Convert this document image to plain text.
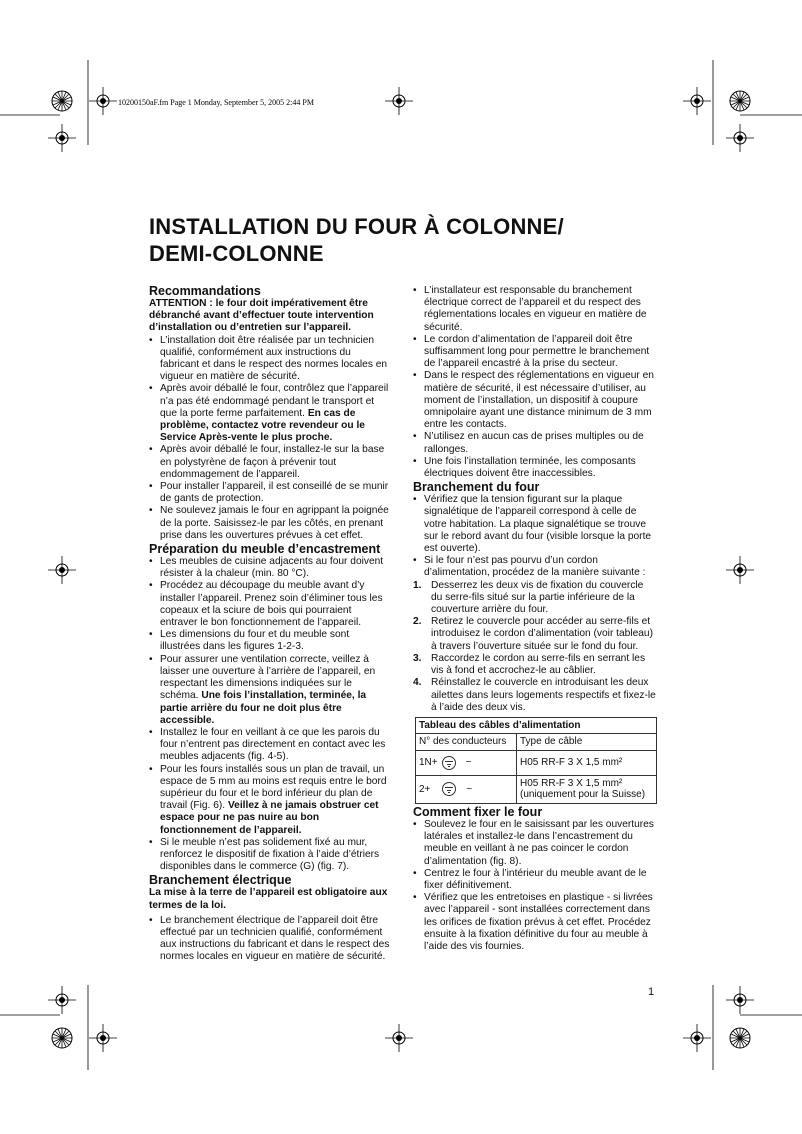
10200150aF.fm Page 1 Monday, September 5, 2005 2:44 PM
INSTALLATION DU FOUR À COLONNE/
DEMI-COLONNE
Recommandations

ATTENTION : le four doit impérativement être débranché avant d’effectuer toute intervention d’installation ou d’entretien sur l’appareil.

• L’installation doit être réalisée par un technicien qualifié, conformément aux instructions du fabricant et dans le respect des normes locales en vigueur en matière de sécurité.
• Après avoir déballé le four, contrôlez que l’appareil n’a pas été endommagé pendant le transport et que la porte ferme parfaitement. En cas de problème, contactez votre revendeur ou le Service Après-vente le plus proche.
• Après avoir déballé le four, installez-le sur la base en polystyrène de façon à prévenir tout endommagement de l’appareil.
• Pour installer l’appareil, il est conseillé de se munir de gants de protection.
• Ne soulevez jamais le four en agrippant la poignée de la porte. Saisissez-le par les côtés, en prenant prise dans les ouvertures prévues à cet effet.
Préparation du meuble d’encastrement
• Les meubles de cuisine adjacents au four doivent résister à la chaleur (min. 80 °C).
• Procédez au découpage du meuble avant d’y installer l’appareil. Prenez soin d’éliminer tous les copeaux et la sciure de bois qui pourraient entraver le bon fonctionnement de l’appareil.
• Les dimensions du four et du meuble sont illustrées dans les figures 1-2-3.
• Pour assurer une ventilation correcte, veillez à laisser une ouverture à l’arrière de l’appareil, en respectant les dimensions indiquées sur le schéma. Une fois l’installation, terminée, la partie arrière du four ne doit plus être accessible.
• Installez le four en veillant à ce que les parois du four n’entrent pas directement en contact avec les meubles adjacents (fig. 4-5).
• Pour les fours installés sous un plan de travail, un espace de 5 mm au moins est requis entre le bord supérieur du four et le bord inférieur du plan de travail (Fig. 6). Veillez à ne jamais obstruer cet espace pour ne pas nuire au bon fonctionnement de l’appareil.
• Si le meuble n’est pas solidement fixé au mur, renforcez le dispositif de fixation à l’aide d’étriers disponibles dans le commerce (G) (fig. 7).
Branchement électrique

La mise à la terre de l’appareil est obligatoire aux termes de la loi.

• Le branchement électrique de l’appareil doit être effectué par un technicien qualifié, conformément aux instructions du fabricant et dans le respect des normes locales en vigueur en matière de sécurité.
• L’installateur est responsable du branchement électrique correct de l’appareil et du respect des réglementations locales en vigueur en matière de sécurité.
• Le cordon d’alimentation de l’appareil doit être suffisamment long pour permettre le branchement de l’appareil encastré à la prise du secteur.
• Dans le respect des réglementations en vigueur en matière de sécurité, il est nécessaire d’utiliser, au moment de l’installation, un dispositif à coupure omnipolaire ayant une distance minimum de 3 mm entre les contacts.
• N’utilisez en aucun cas de prises multiples ou de rallonges.
• Une fois l’installation terminée, les composants électriques doivent être inaccessibles.
Branchement du four
• Vérifiez que la tension figurant sur la plaque signalétique de l’appareil correspond à celle de votre habitation. La plaque signalétique se trouve sur le rebord avant du four (visible lorsque la porte est ouverte).
• Si le four n’est pas pourvu d’un cordon d’alimentation, procédez de la manière suivante :
1. Desserrez les deux vis de fixation du couvercle du serre-fils situé sur la partie inférieure de la couverture arrière du four.
2. Retirez le couvercle pour accéder au serre-fils et introduisez le cordon d’alimentation (voir tableau) à travers l’ouverture située sur le fond du four.
3. Raccordez le cordon au serre-fils en serrant les vis à fond et accrochez-le au câblier.
4. Réinstallez le couvercle en introduisant les deux ailettes dans leurs logements respectifs et fixez-le à l’aide des deux vis.
Tableau des câbles d’alimentation	
N° des conducteurs	Type de câble

1N+ ~	H05 RR-F 3 X 1,5 mm²

2+ ~	H05 RR-F 3 X 1,5 mm² (uniquement pour la Suisse)
Comment fixer le four
• Soulevez le four en le saisissant par les ouvertures latérales et installez-le dans l’encastrement du meuble en veillant à ne pas coincer le cordon d’alimentation (fig. 8).
• Centrez le four à l’intérieur du meuble avant de le fixer définitivement.
• Vérifiez que les entretoises en plastique - si livrées avec l’appareil - sont installées correctement dans les orifices de fixation prévus à cet effet. Procédez ensuite à la fixation définitive du four au meuble à l’aide des vis fournies.
1
